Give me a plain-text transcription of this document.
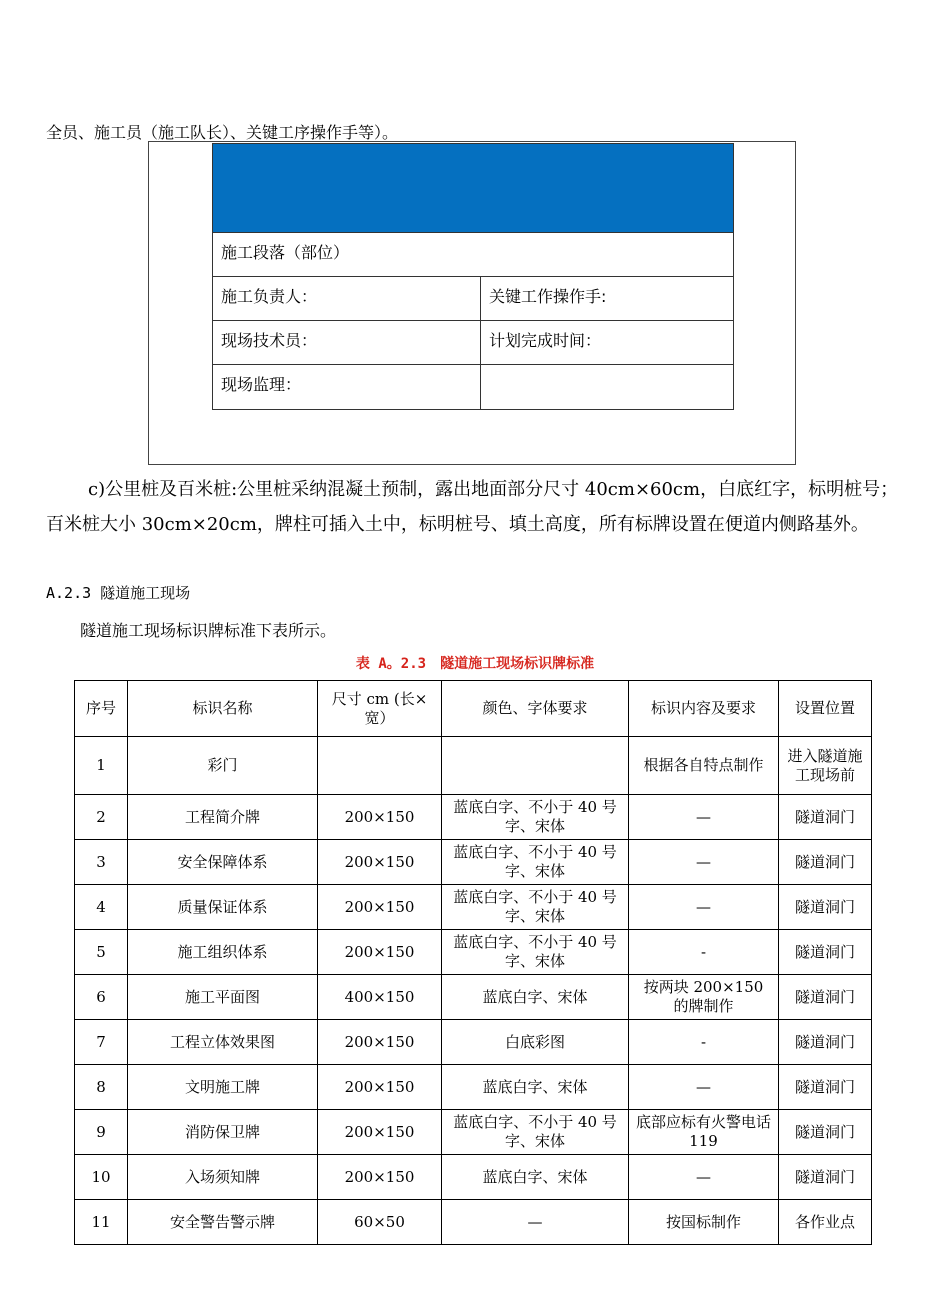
全员、施工员（施工队长）、关键工序操作手等）。
施工段落（部位）
施工负责人：	关键工作操作手:
现场技术员：	计划完成时间：
现场监理：
c)公里桩及百米桩:公里桩采纳混凝土预制，露出地面部分尺寸 40cm×60cm，白底红字，标明桩号；百米桩大小 30cm×20cm，牌柱可插入土中，标明桩号、填土高度，所有标牌设置在便道内侧路基外。
A.2.3 隧道施工现场
隧道施工现场标识牌标准下表所示。
表 A。2.3　隧道施工现场标识牌标准
序号	标识名称	尺寸 cm (长×宽）	颜色、字体要求	标识内容及要求	设置位置
1	彩门			根据各自特点制作	进入隧道施工现场前
2	工程简介牌	200×150	蓝底白字、不小于 40 号字、宋体	—	隧道洞门
3	安全保障体系	200×150	蓝底白字、不小于 40 号字、宋体	—	隧道洞门
4	质量保证体系	200×150	蓝底白字、不小于 40 号字、宋体	—	隧道洞门
5	施工组织体系	200×150	蓝底白字、不小于 40 号字、宋体	-	隧道洞门
6	施工平面图	400×150	蓝底白字、宋体	按两块 200×150 的牌制作	隧道洞门
7	工程立体效果图	200×150	白底彩图	-	隧道洞门
8	文明施工牌	200×150	蓝底白字、宋体	—	隧道洞门
9	消防保卫牌	200×150	蓝底白字、不小于 40 号字、宋体	底部应标有火警电话 119	隧道洞门
10	入场须知牌	200×150	蓝底白字、宋体	—	隧道洞门
11	安全警告警示牌	60×50	—	按国标制作	各作业点
